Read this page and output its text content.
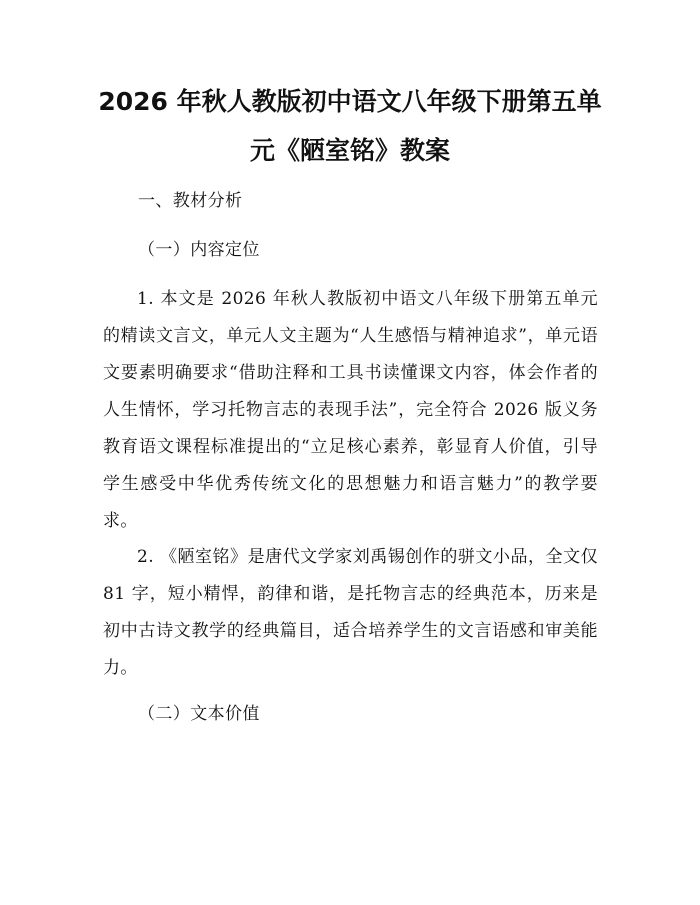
2026 年秋人教版初中语文八年级下册第五单
元《陋室铭》教案
一、教材分析
（一）内容定位
1. 本文是 2026 年秋人教版初中语文八年级下册第五单元的精读文言文，单元人文主题为“人生感悟与精神追求”，单元语文要素明确要求“借助注释和工具书读懂课文内容，体会作者的人生情怀，学习托物言志的表现手法”，完全符合 2026 版义务教育语文课程标准提出的“立足核心素养，彰显育人价值，引导学生感受中华优秀传统文化的思想魅力和语言魅力”的教学要求。
2. 《陋室铭》是唐代文学家刘禹锡创作的骈文小品，全文仅 81 字，短小精悍，韵律和谐，是托物言志的经典范本，历来是初中古诗文教学的经典篇目，适合培养学生的文言语感和审美能力。
（二）文本价值
